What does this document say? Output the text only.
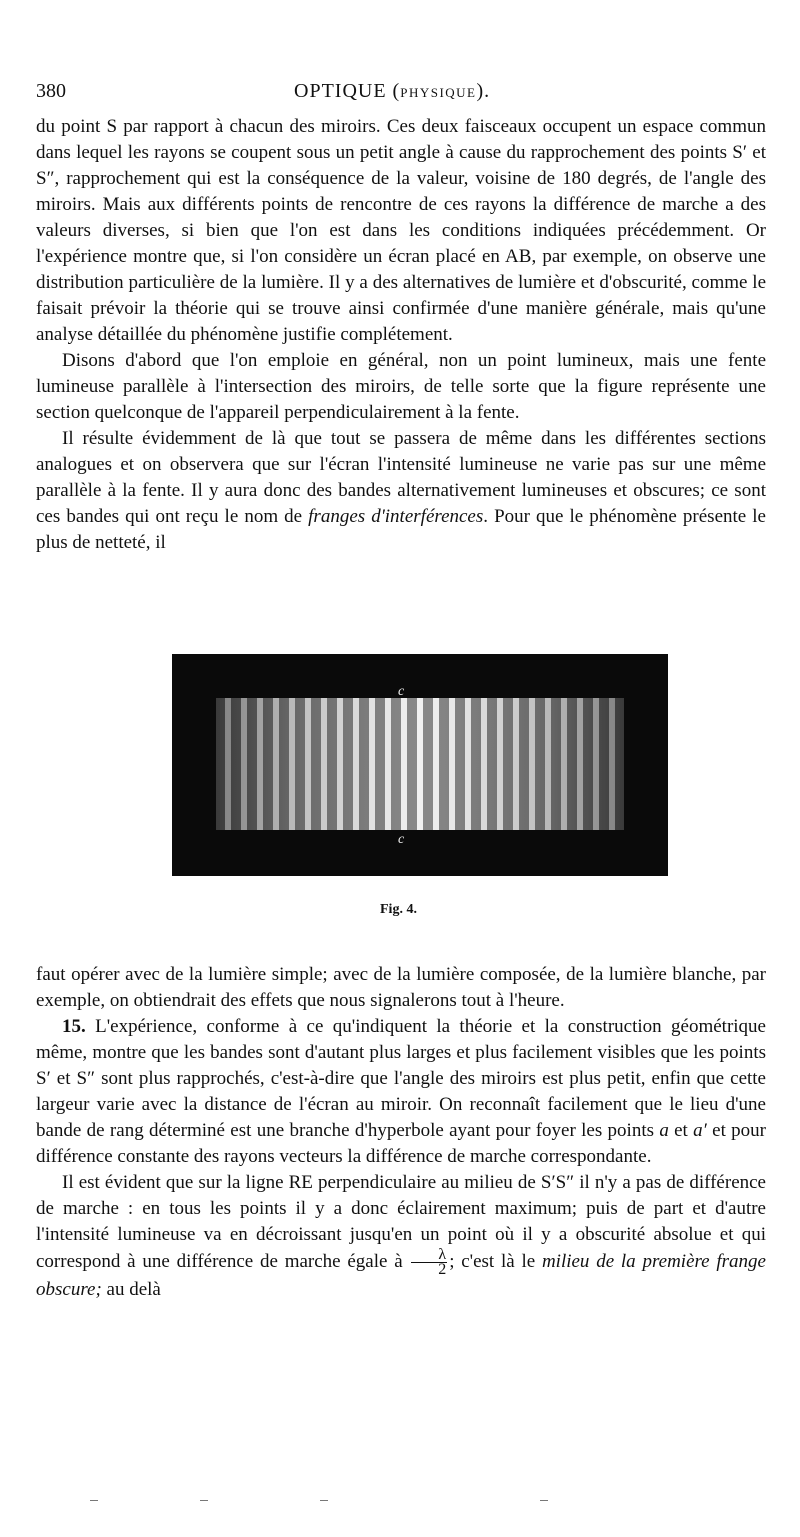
380	OPTIQUE (PHYSIQUE).

du point S par rapport à chacun des miroirs. Ces deux faisceaux occupent un espace commun dans lequel les rayons se coupent sous un petit angle à cause du rapprochement des points S′ et S″, rapprochement qui est la conséquence de la valeur, voisine de 180 degrés, de l'angle des miroirs. Mais aux différents points de rencontre de ces rayons la différence de marche a des valeurs diverses, si bien que l'on est dans les conditions indiquées précédemment. Or l'expérience montre que, si l'on considère un écran placé en AB, par exemple, on observe une distribution particulière de la lumière. Il y a des alternatives de lumière et d'obscurité, comme le faisait prévoir la théorie qui se trouve ainsi confirmée d'une manière générale, mais qu'une analyse détaillée du phénomène justifie complétement.

Disons d'abord que l'on emploie en général, non un point lumineux, mais une fente lumineuse parallèle à l'intersection des miroirs, de telle sorte que la figure représente une section quelconque de l'appareil perpendiculairement à la fente.

Il résulte évidemment de là que tout se passera de même dans les différentes sections analogues et on observera que sur l'écran l'intensité lumineuse ne varie pas sur une même parallèle à la fente. Il y aura donc des bandes alternativement lumineuses et obscures; ce sont ces bandes qui ont reçu le nom de franges d'interférences. Pour que le phénomène présente le plus de netteté, il

c
c
Fig. 4.

faut opérer avec de la lumière simple; avec de la lumière composée, de la lumière blanche, par exemple, on obtiendrait des effets que nous signalerons tout à l'heure.

15. L'expérience, conforme à ce qu'indiquent la théorie et la construction géométrique même, montre que les bandes sont d'autant plus larges et plus facilement visibles que les points S′ et S″ sont plus rapprochés, c'est-à-dire que l'angle des miroirs est plus petit, enfin que cette largeur varie avec la distance de l'écran au miroir. On reconnaît facilement que le lieu d'une bande de rang déterminé est une branche d'hyperbole ayant pour foyer les points a et a′ et pour différence constante des rayons vecteurs la différence de marche correspondante.

Il est évident que sur la ligne RE perpendiculaire au milieu de S′S″ il n'y a pas de différence de marche : en tous les points il y a donc éclairement maximum; puis de part et d'autre l'intensité lumineuse va en décroissant jusqu'en un point où il y a obscurité absolue et qui correspond à une différence de marche égale à $\frac{\lambda}{2}$ ; c'est là le milieu de la première frange obscure; au delà
